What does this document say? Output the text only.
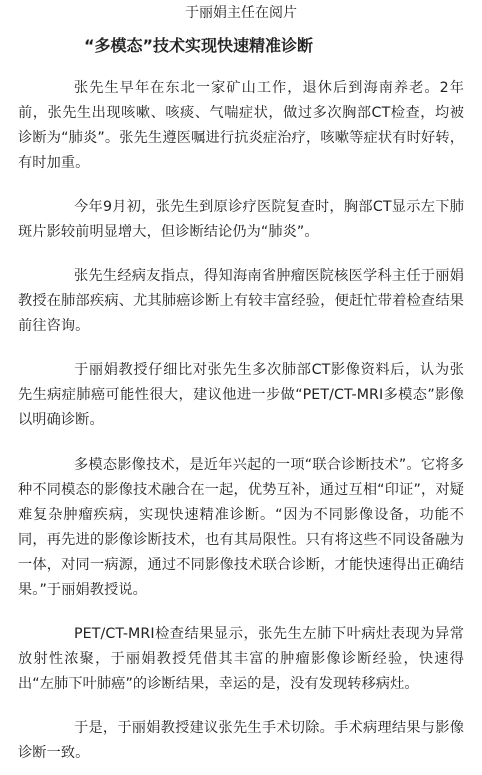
于丽娟主任在阅片
“多模态”技术实现快速精准诊断

张先生早年在东北一家矿山工作，退休后到海南养老。2年前，张先生出现咳嗽、咳痰、气喘症状，做过多次胸部CT检查，均被诊断为“肺炎”。张先生遵医嘱进行抗炎症治疗，咳嗽等症状有时好转，有时加重。

今年9月初，张先生到原诊疗医院复查时，胸部CT显示左下肺斑片影较前明显增大，但诊断结论仍为“肺炎”。

张先生经病友指点，得知海南省肿瘤医院核医学科主任于丽娟教授在肺部疾病、尤其肺癌诊断上有较丰富经验，便赶忙带着检查结果前往咨询。

于丽娟教授仔细比对张先生多次肺部CT影像资料后，认为张先生病症肺癌可能性很大，建议他进一步做“PET/CT-MRI多模态”影像以明确诊断。

多模态影像技术，是近年兴起的一项“联合诊断技术”。它将多种不同模态的影像技术融合在一起，优势互补，通过互相“印证”，对疑难复杂肿瘤疾病，实现快速精准诊断。“因为不同影像设备，功能不同，再先进的影像诊断技术，也有其局限性。只有将这些不同设备融为一体，对同一病源，通过不同影像技术联合诊断，才能快速得出正确结果。”于丽娟教授说。

PET/CT-MRI检查结果显示，张先生左肺下叶病灶表现为异常放射性浓聚，于丽娟教授凭借其丰富的肿瘤影像诊断经验，快速得出“左肺下叶肺癌”的诊断结果，幸运的是，没有发现转移病灶。

于是，于丽娟教授建议张先生手术切除。手术病理结果与影像诊断一致。
